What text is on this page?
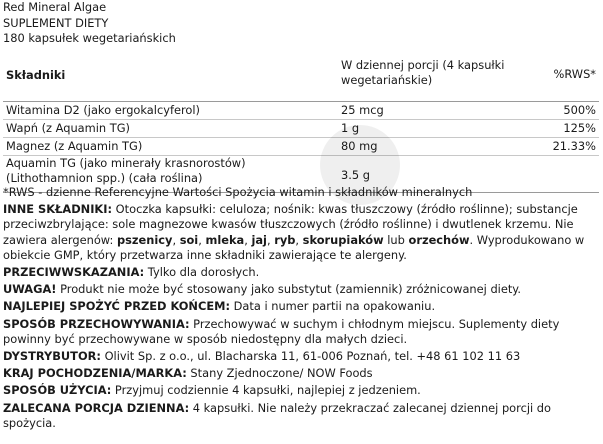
Red Mineral Algae
SUPLEMENT DIETY
180 kapsułek wegetariańskich
Składniki	W dziennej porcji (4 kapsułki wegetariańskie)	%RWS*
Witamina D2 (jako ergokalcyferol)	25 mcg	500%
Wapń (z Aquamin TG)	1 g	125%
Magnez (z Aquamin TG)	80 mg	21.33%
Aquamin TG (jako minerały krasnorostów) (Lithothamnion spp.) (cała roślina)	3.5 g	

*RWS - dzienne Referencyjne Wartości Spożycia witamin i składników mineralnych

INNE SKŁADNIKI: Otoczka kapsułki: celuloza; nośnik: kwas tłuszczowy (źródło roślinne); substancje przeciwzbrylające: sole magnezowe kwasów tłuszczowych (źródło roślinne) i dwutlenek krzemu. Nie zawiera alergenów: pszenicy, soi, mleka, jaj, ryb, skorupiaków lub orzechów. Wyprodukowano w obiekcie GMP, który przetwarza inne składniki zawierające te alergeny.

PRZECIWWSKAZANIA: Tylko dla dorosłych.

UWAGA! Produkt nie może być stosowany jako substytut (zamiennik) zróżnicowanej diety.

NAJLEPIEJ SPOŻYĆ PRZED KOŃCEM: Data i numer partii na opakowaniu.

SPOSÓB PRZECHOWYWANIA: Przechowywać w suchym i chłodnym miejscu. Suplementy diety powinny być przechowywane w sposób niedostępny dla małych dzieci.

DYSTRYBUTOR: Olivit Sp. z o.o., ul. Blacharska 11, 61-006 Poznań, tel. +48 61 102 11 63

KRAJ POCHODZENIA/MARKA: Stany Zjednoczone/ NOW Foods

SPOSÓB UŻYCIA: Przyjmuj codziennie 4 kapsułki, najlepiej z jedzeniem.

ZALECANA PORCJA DZIENNA: 4 kapsułki. Nie należy przekraczać zalecanej dziennej porcji do spożycia.
